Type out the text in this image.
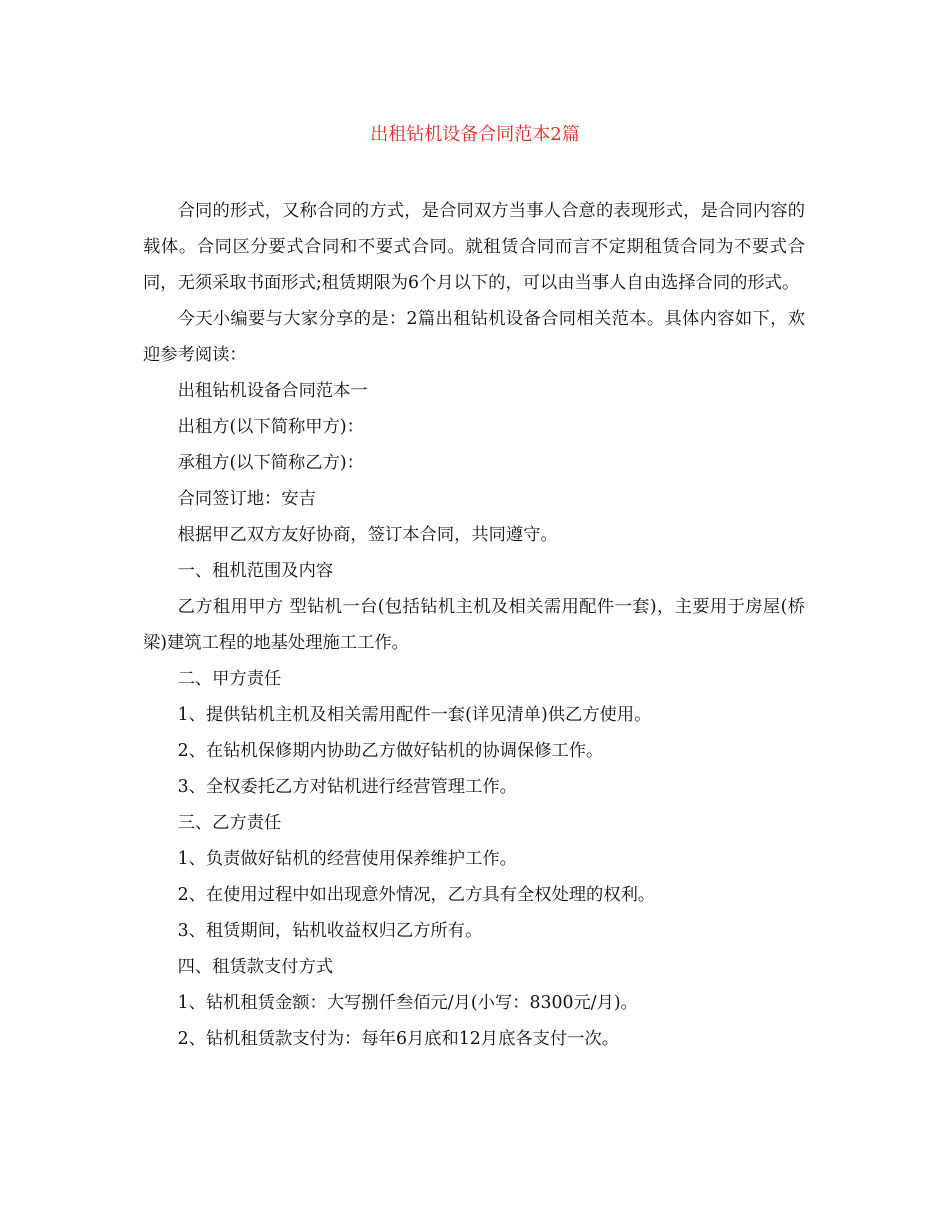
出租钻机设备合同范本2篇

合同的形式，又称合同的方式，是合同双方当事人合意的表现形式，是合同内容的载体。合同区分要式合同和不要式合同。就租赁合同而言不定期租赁合同为不要式合同，无须采取书面形式;租赁期限为6个月以下的，可以由当事人自由选择合同的形式。

今天小编要与大家分享的是：2篇出租钻机设备合同相关范本。具体内容如下，欢迎参考阅读：

出租钻机设备合同范本一

出租方(以下简称甲方)：

承租方(以下简称乙方)：

合同签订地：安吉

根据甲乙双方友好协商，签订本合同，共同遵守。

一、租机范围及内容

乙方租用甲方 型钻机一台(包括钻机主机及相关需用配件一套)，主要用于房屋(桥梁)建筑工程的地基处理施工工作。

二、甲方责任

1、提供钻机主机及相关需用配件一套(详见清单)供乙方使用。

2、在钻机保修期内协助乙方做好钻机的协调保修工作。

3、全权委托乙方对钻机进行经营管理工作。

三、乙方责任

1、负责做好钻机的经营使用保养维护工作。

2、在使用过程中如出现意外情况，乙方具有全权处理的权利。

3、租赁期间，钻机收益权归乙方所有。

四、租赁款支付方式

1、钻机租赁金额：大写捌仟叁佰元/月(小写：8300元/月)。

2、钻机租赁款支付为：每年6月底和12月底各支付一次。
